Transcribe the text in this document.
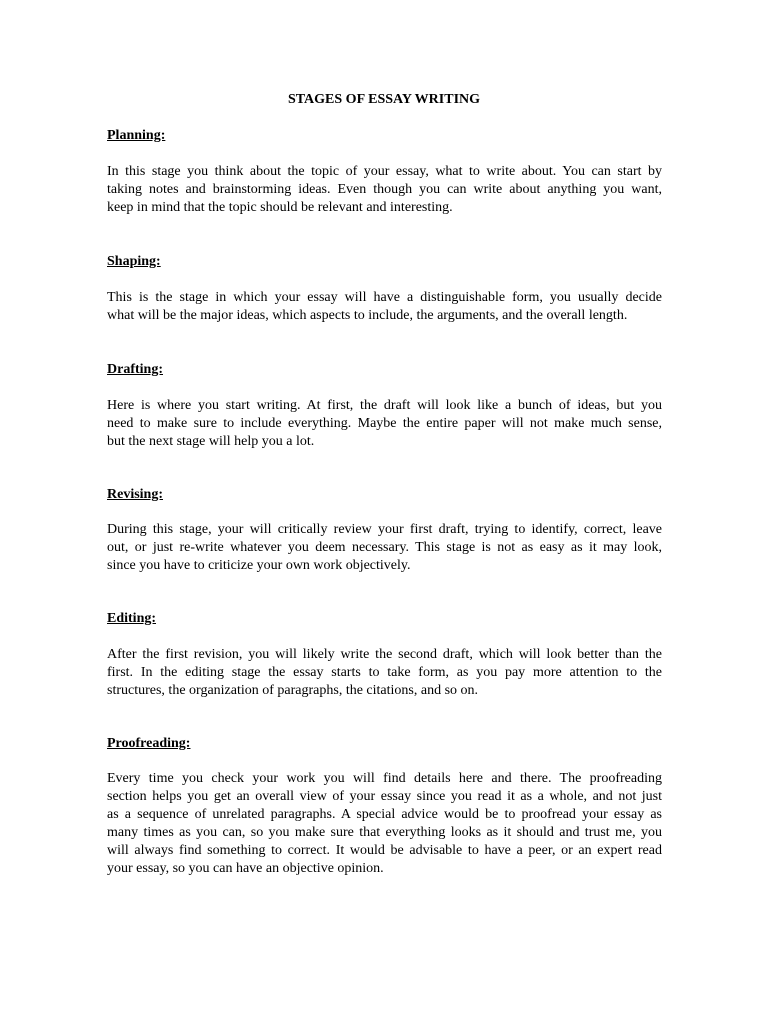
STAGES OF ESSAY WRITING
Planning:
In this stage you think about the topic of your essay, what to write about. You can start by
taking notes and brainstorming ideas. Even though you can write about anything you want,
keep in mind that the topic should be relevant and interesting.
Shaping:
This is the stage in which your essay will have a distinguishable form, you usually decide
what will be the major ideas, which aspects to include, the arguments, and the overall length.
Drafting:
Here is where you start writing. At first, the draft will look like a bunch of ideas, but you
need to make sure to include everything. Maybe the entire paper will not make much sense,
but the next stage will help you a lot.
Revising:
During this stage, your will critically review your first draft, trying to identify, correct, leave
out, or just re-write whatever you deem necessary. This stage is not as easy as it may look,
since you have to criticize your own work objectively.
Editing:
After the first revision, you will likely write the second draft, which will look better than the
first. In the editing stage the essay starts to take form, as you pay more attention to the
structures, the organization of paragraphs, the citations, and so on.
Proofreading:
Every time you check your work you will find details here and there. The proofreading
section helps you get an overall view of your essay since you read it as a whole, and not just
as a sequence of unrelated paragraphs. A special advice would be to proofread your essay as
many times as you can, so you make sure that everything looks as it should and trust me, you
will always find something to correct. It would be advisable to have a peer, or an expert read
your essay, so you can have an objective opinion.
